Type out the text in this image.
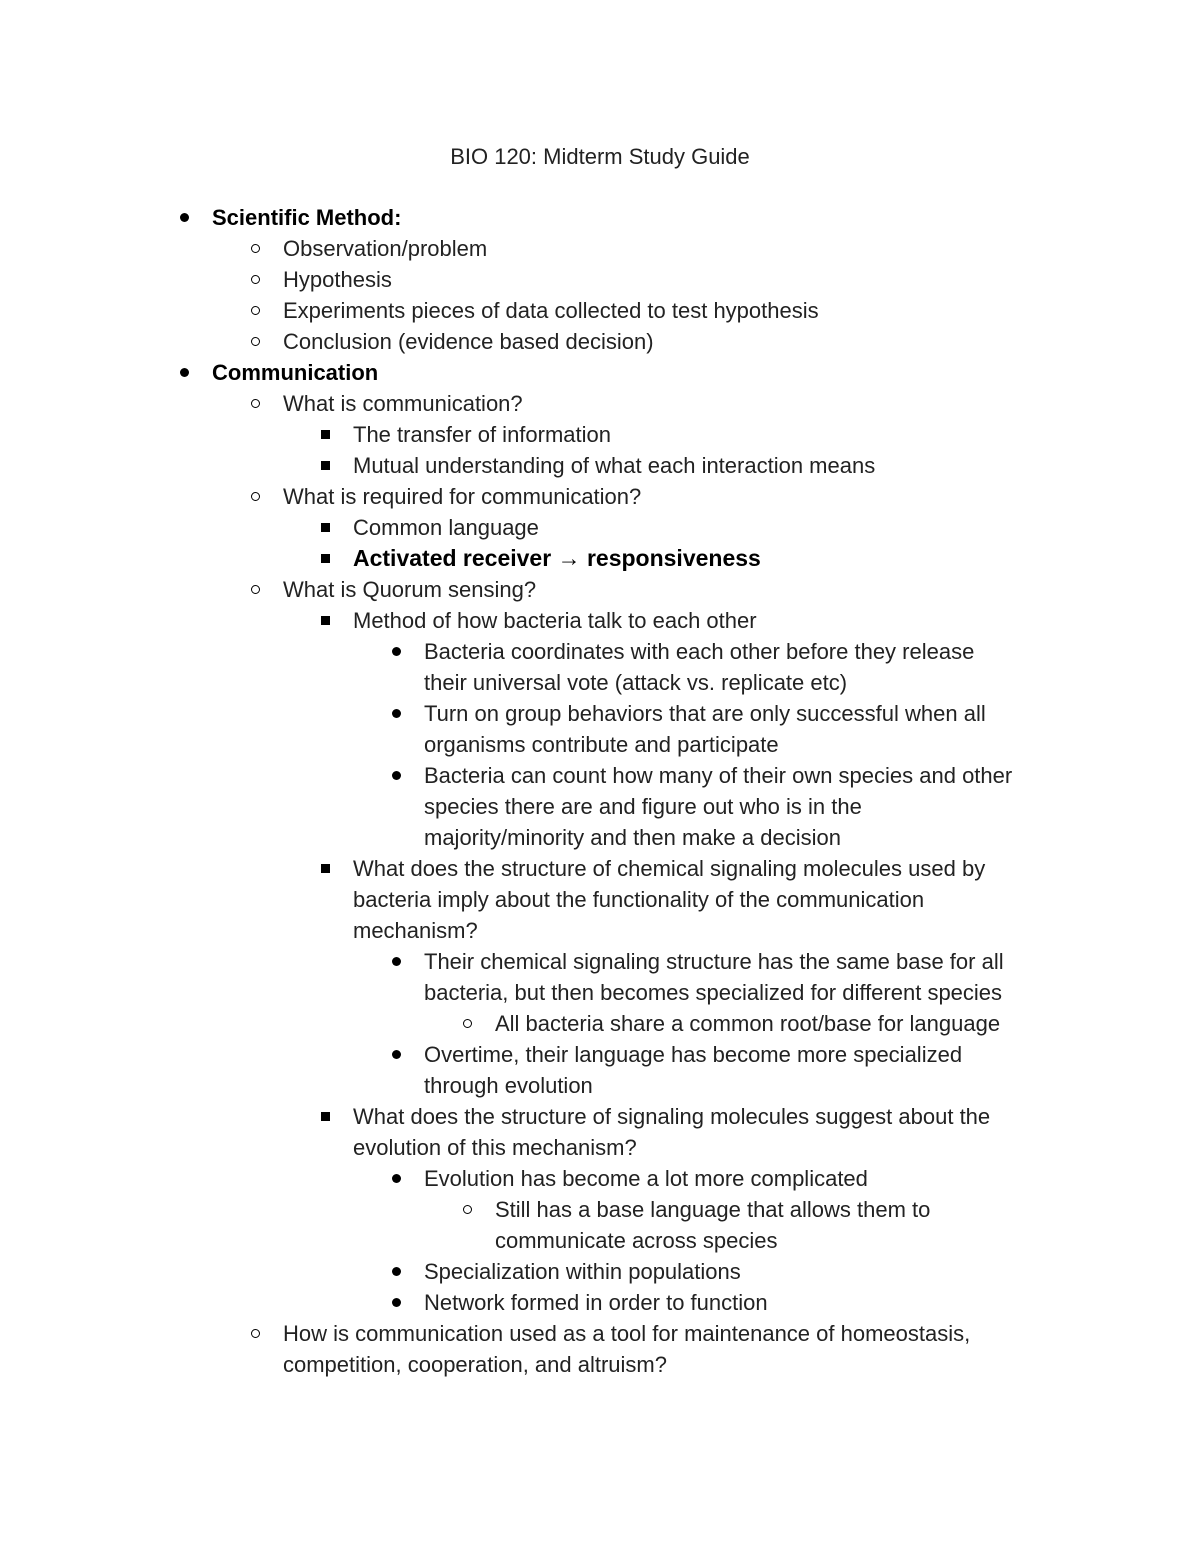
BIO 120: Midterm Study Guide
Scientific Method:
Observation/problem
Hypothesis
Experiments pieces of data collected to test hypothesis
Conclusion (evidence based decision)
Communication
What is communication?
The transfer of information
Mutual understanding of what each interaction means
What is required for communication?
Common language
Activated receiver → responsiveness
What is Quorum sensing?
Method of how bacteria talk to each other
Bacteria coordinates with each other before they release
their universal vote (attack vs. replicate etc)
Turn on group behaviors that are only successful when all
organisms contribute and participate
Bacteria can count how many of their own species and other
species there are and figure out who is in the
majority/minority and then make a decision
What does the structure of chemical signaling molecules used by
bacteria imply about the functionality of the communication
mechanism?
Their chemical signaling structure has the same base for all
bacteria, but then becomes specialized for different species
All bacteria share a common root/base for language
Overtime, their language has become more specialized
through evolution
What does the structure of signaling molecules suggest about the
evolution of this mechanism?
Evolution has become a lot more complicated
Still has a base language that allows them to
communicate across species
Specialization within populations
Network formed in order to function
How is communication used as a tool for maintenance of homeostasis,
competition, cooperation, and altruism?
